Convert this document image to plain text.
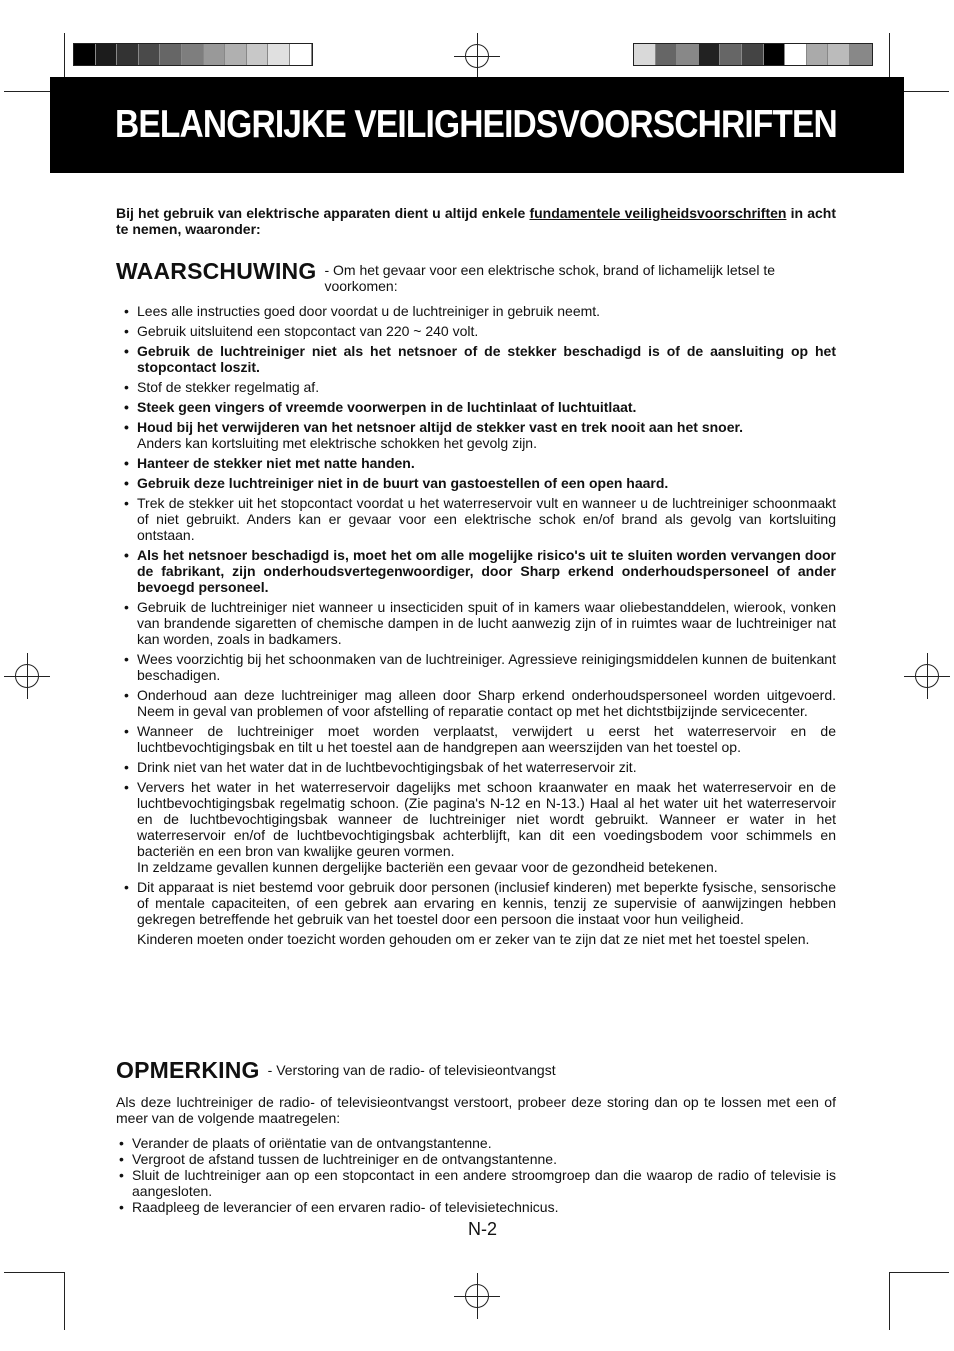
BELANGRIJKE VEILIGHEIDSVOORSCHRIFTEN
Bij het gebruik van elektrische apparaten dient u altijd enkele fundamentele veiligheidsvoorschriften in acht te nemen, waaronder:
WAARSCHUWING - Om het gevaar voor een elektrische schok, brand of lichamelijk letsel te voorkomen:
• Lees alle instructies goed door voordat u de luchtreiniger in gebruik neemt.
• Gebruik uitsluitend een stopcontact van 220 ~ 240 volt.
• Gebruik de luchtreiniger niet als het netsnoer of de stekker beschadigd is of de aansluiting op het stopcontact loszit.
• Stof de stekker regelmatig af.
• Steek geen vingers of vreemde voorwerpen in de luchtinlaat of luchtuitlaat.
• Houd bij het verwijderen van het netsnoer altijd de stekker vast en trek nooit aan het snoer.
Anders kan kortsluiting met elektrische schokken het gevolg zijn.
• Hanteer de stekker niet met natte handen.
• Gebruik deze luchtreiniger niet in de buurt van gastoestellen of een open haard.
• Trek de stekker uit het stopcontact voordat u het waterreservoir vult en wanneer u de luchtreiniger schoonmaakt of niet gebruikt. Anders kan er gevaar voor een elektrische schok en/of brand als gevolg van kortsluiting ontstaan.
• Als het netsnoer beschadigd is, moet het om alle mogelijke risico's uit te sluiten worden vervangen door de fabrikant, zijn onderhoudsvertegenwoordiger, door Sharp erkend onderhoudspersoneel of ander bevoegd personeel.
• Gebruik de luchtreiniger niet wanneer u insecticiden spuit of in kamers waar oliebestanddelen, wierook, vonken van brandende sigaretten of chemische dampen in de lucht aanwezig zijn of in ruimtes waar de luchtreiniger nat kan worden, zoals in badkamers.
• Wees voorzichtig bij het schoonmaken van de luchtreiniger. Agressieve reinigingsmiddelen kunnen de buitenkant beschadigen.
• Onderhoud aan deze luchtreiniger mag alleen door Sharp erkend onderhoudspersoneel worden uitgevoerd. Neem in geval van problemen of voor afstelling of reparatie contact op met het dichtstbijzijnde servicecenter.
• Wanneer de luchtreiniger moet worden verplaatst, verwijdert u eerst het waterreservoir en de luchtbevochtigingsbak en tilt u het toestel aan de handgrepen aan weerszijden van het toestel op.
• Drink niet van het water dat in de luchtbevochtigingsbak of het waterreservoir zit.
• Ververs het water in het waterreservoir dagelijks met schoon kraanwater en maak het waterreservoir en de luchtbevochtigingsbak regelmatig schoon. (Zie pagina's N-12 en N-13.) Haal al het water uit het waterreservoir en de luchtbevochtigingsbak wanneer de luchtreiniger niet wordt gebruikt. Wanneer er water in het waterreservoir en/of de luchtbevochtigingsbak achterblijft, kan dit een voedingsbodem voor schimmels en bacteriën en een bron van kwalijke geuren vormen.
In zeldzame gevallen kunnen dergelijke bacteriën een gevaar voor de gezondheid betekenen.
• Dit apparaat is niet bestemd voor gebruik door personen (inclusief kinderen) met beperkte fysische, sensorische of mentale capaciteiten, of een gebrek aan ervaring en kennis, tenzij ze supervisie of aanwijzingen hebben gekregen betreffende het gebruik van het toestel door een persoon die instaat voor hun veiligheid.
Kinderen moeten onder toezicht worden gehouden om er zeker van te zijn dat ze niet met het toestel spelen.
OPMERKING - Verstoring van de radio- of televisieontvangst
Als deze luchtreiniger de radio- of televisieontvangst verstoort, probeer deze storing dan op te lossen met een of meer van de volgende maatregelen:
• Verander de plaats of oriëntatie van de ontvangstantenne.
• Vergroot de afstand tussen de luchtreiniger en de ontvangstantenne.
• Sluit de luchtreiniger aan op een stopcontact in een andere stroomgroep dan die waarop de radio of televisie is aangesloten.
• Raadpleeg de leverancier of een ervaren radio- of televisietechnicus.
N-2
